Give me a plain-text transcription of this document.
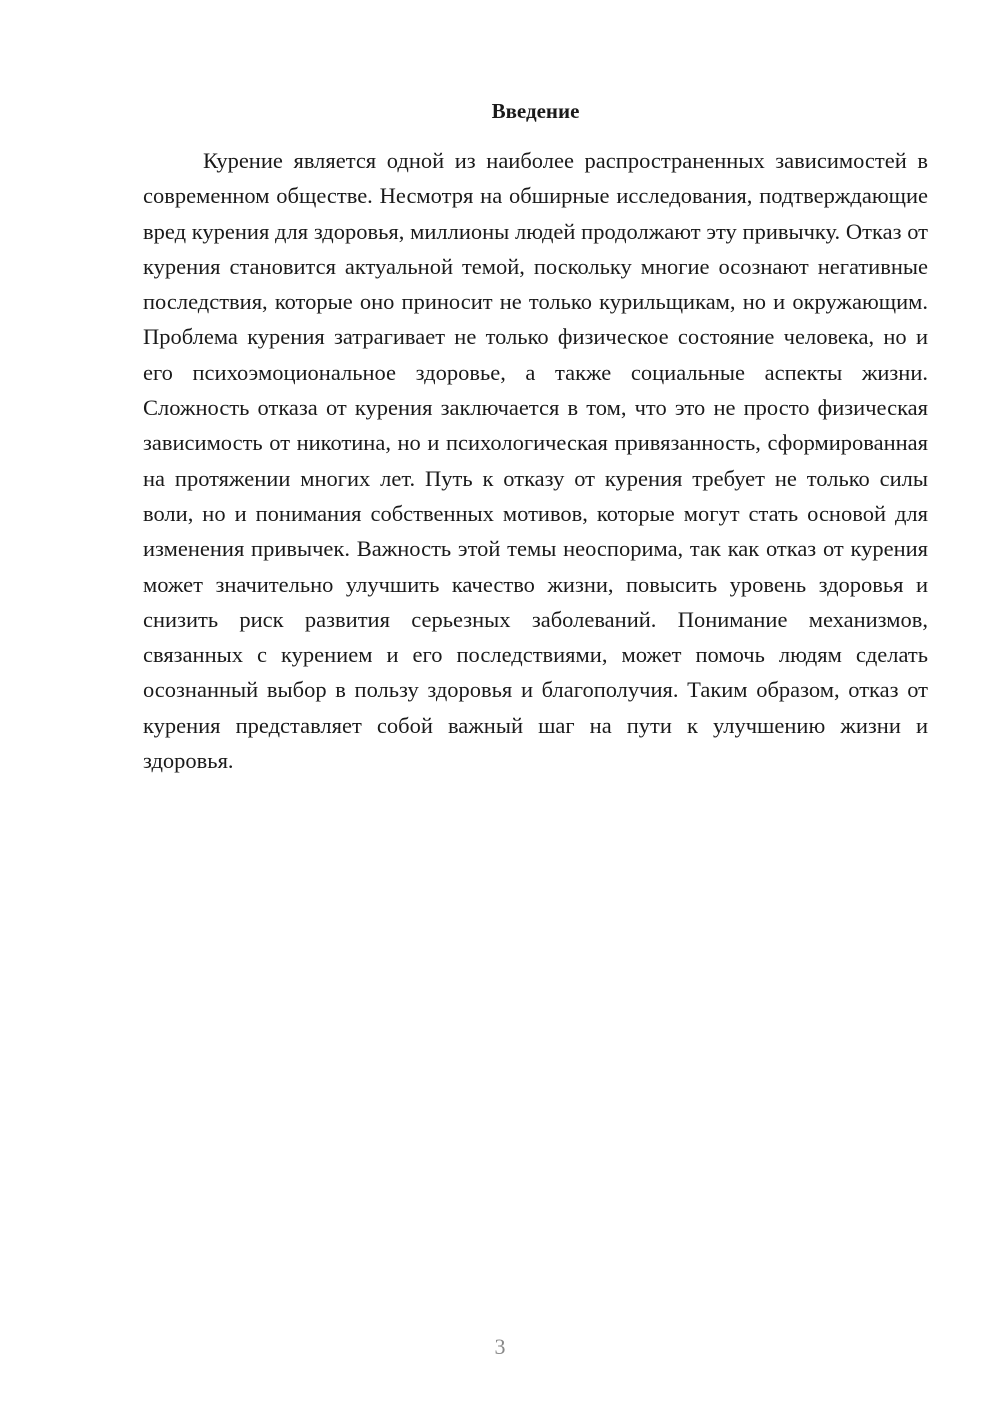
Введение

Курение является одной из наиболее распространенных зависимостей в современном обществе. Несмотря на обширные исследования, подтверждающие вред курения для здоровья, миллионы людей продолжают эту привычку. Отказ от курения становится актуальной темой, поскольку многие осознают негативные последствия, которые оно приносит не только курильщикам, но и окружающим. Проблема курения затрагивает не только физическое состояние человека, но и его психоэмоциональное здоровье, а также социальные аспекты жизни. Сложность отказа от курения заключается в том, что это не просто физическая зависимость от никотина, но и психологическая привязанность, сформированная на протяжении многих лет. Путь к отказу от курения требует не только силы воли, но и понимания собственных мотивов, которые могут стать основой для изменения привычек. Важность этой темы неоспорима, так как отказ от курения может значительно улучшить качество жизни, повысить уровень здоровья и снизить риск развития серьезных заболеваний. Понимание механизмов, связанных с курением и его последствиями, может помочь людям сделать осознанный выбор в пользу здоровья и благополучия. Таким образом, отказ от курения представляет собой важный шаг на пути к улучшению жизни и здоровья.

3
